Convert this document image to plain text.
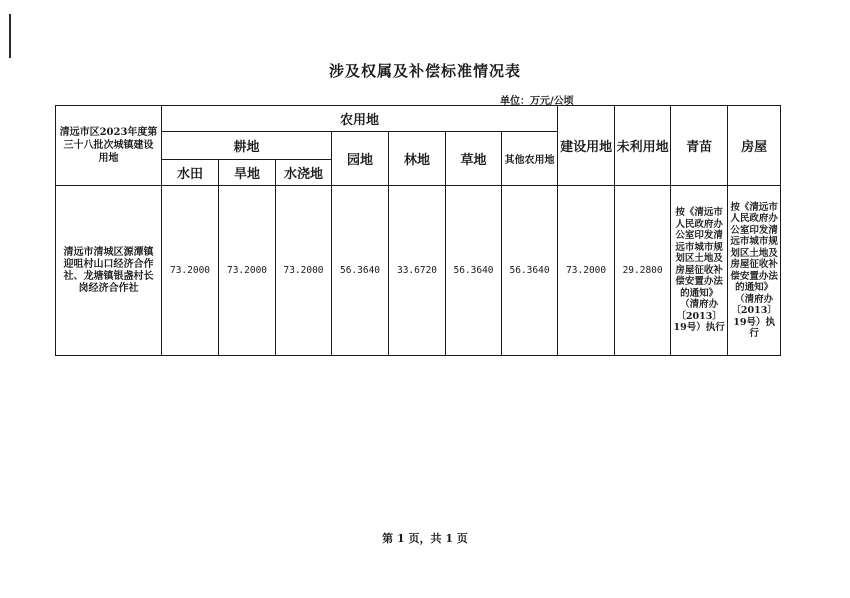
涉及权属及补偿标准情况表
单位：万元/公顷
清远市区2023年度第三十八批次城镇建设用地	农用地							建设用地	未利用地	青苗	房屋
	耕地			园地	林地	草地	其他农用地				
	水田	旱地	水浇地								
清远市清城区源潭镇迎咀村山口经济合作社、龙塘镇银盏村长岗经济合作社	73.2000	73.2000	73.2000	56.3640	33.6720	56.3640	56.3640	73.2000	29.2800	按《清远市人民政府办公室印发清远市城市规划区土地及房屋征收补偿安置办法的通知》（清府办〔2013〕19号）执行	按《清远市人民政府办公室印发清远市城市规划区土地及房屋征收补偿安置办法的通知》（清府办〔2013〕19号）执行
第 1 页，共 1 页
